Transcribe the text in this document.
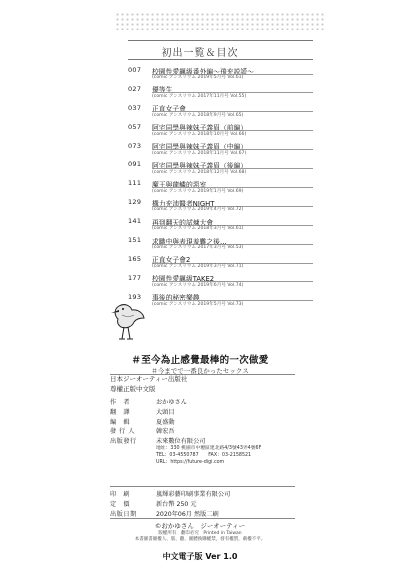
初出一覧＆目次
007	校園性愛飆級番外編～飛充説謊～
(comic アンスリウム 2019年5月号 Vol.61)
027	優等生
(comic アンスリウム 2017年11月号 Vol.55)
037	正直女子會
(comic アンスリウム 2018年9月号 Vol.65)
057	阿宅同學與辣妹子義眉（前編）
(comic アンスリウム 2018年10月号 Vol.66)
073	阿宅同學與辣妹子義眉（中編）
(comic アンスリウム 2018年11月号 Vol.67)
091	阿宅同學與辣妹子義眉（後編）
(comic アンスリウム 2018年12月号 Vol.68)
111	魔王與龍鱗的惡室
(comic アンスリウム 2019年1月号 Vol.69)
129	構力充沛醫者NIGHT
(comic アンスリウム 2019年4月号 Vol.72)
141	再到翻天的試煉大會
(comic アンスリウム 2018年3月号 Vol.61)
151	求職中與表現羞難之後…
(comic アンスリウム 2017年3月号 Vol.53)
165	正直女子會2
(comic アンスリウム 2019年3月号 Vol.71)
177	校園性愛飆級TAKE2
(comic アンスリウム 2019年6月号 Vol.74)
193	事後的秘密樂趣
(comic アンスリウム 2019年5月号 Vol.73)
＃至今為止感覺最棒的一次做愛
＃今までで一番良かったセックス
日本ジーオーティー出版社
尊權正版中文版
作　者	おかゆさん
翻　譯	大頭目
編　輯	夏盛動
發 行 人	韓宏吾
出版發行	未來數位有限公司
地址：330 桃園市中壢區建北路4/3號43弄4號6F
TEL：03-4550787　　FAX：03-2158521
URL：https://future-digi.com
印　刷	嵐輝彩藝印刷事業有限公司
定　價	新台幣 250 元
出版日期	2020年06月 然版二刷
©おかゆさん　ジーオーティー
版權所有　翻印必究　Printed in Taiwan
本書圖書圖權人、版、翻、圖體換購權禁，發有權罰，截權不平。
中文電子版 Ver 1.0
